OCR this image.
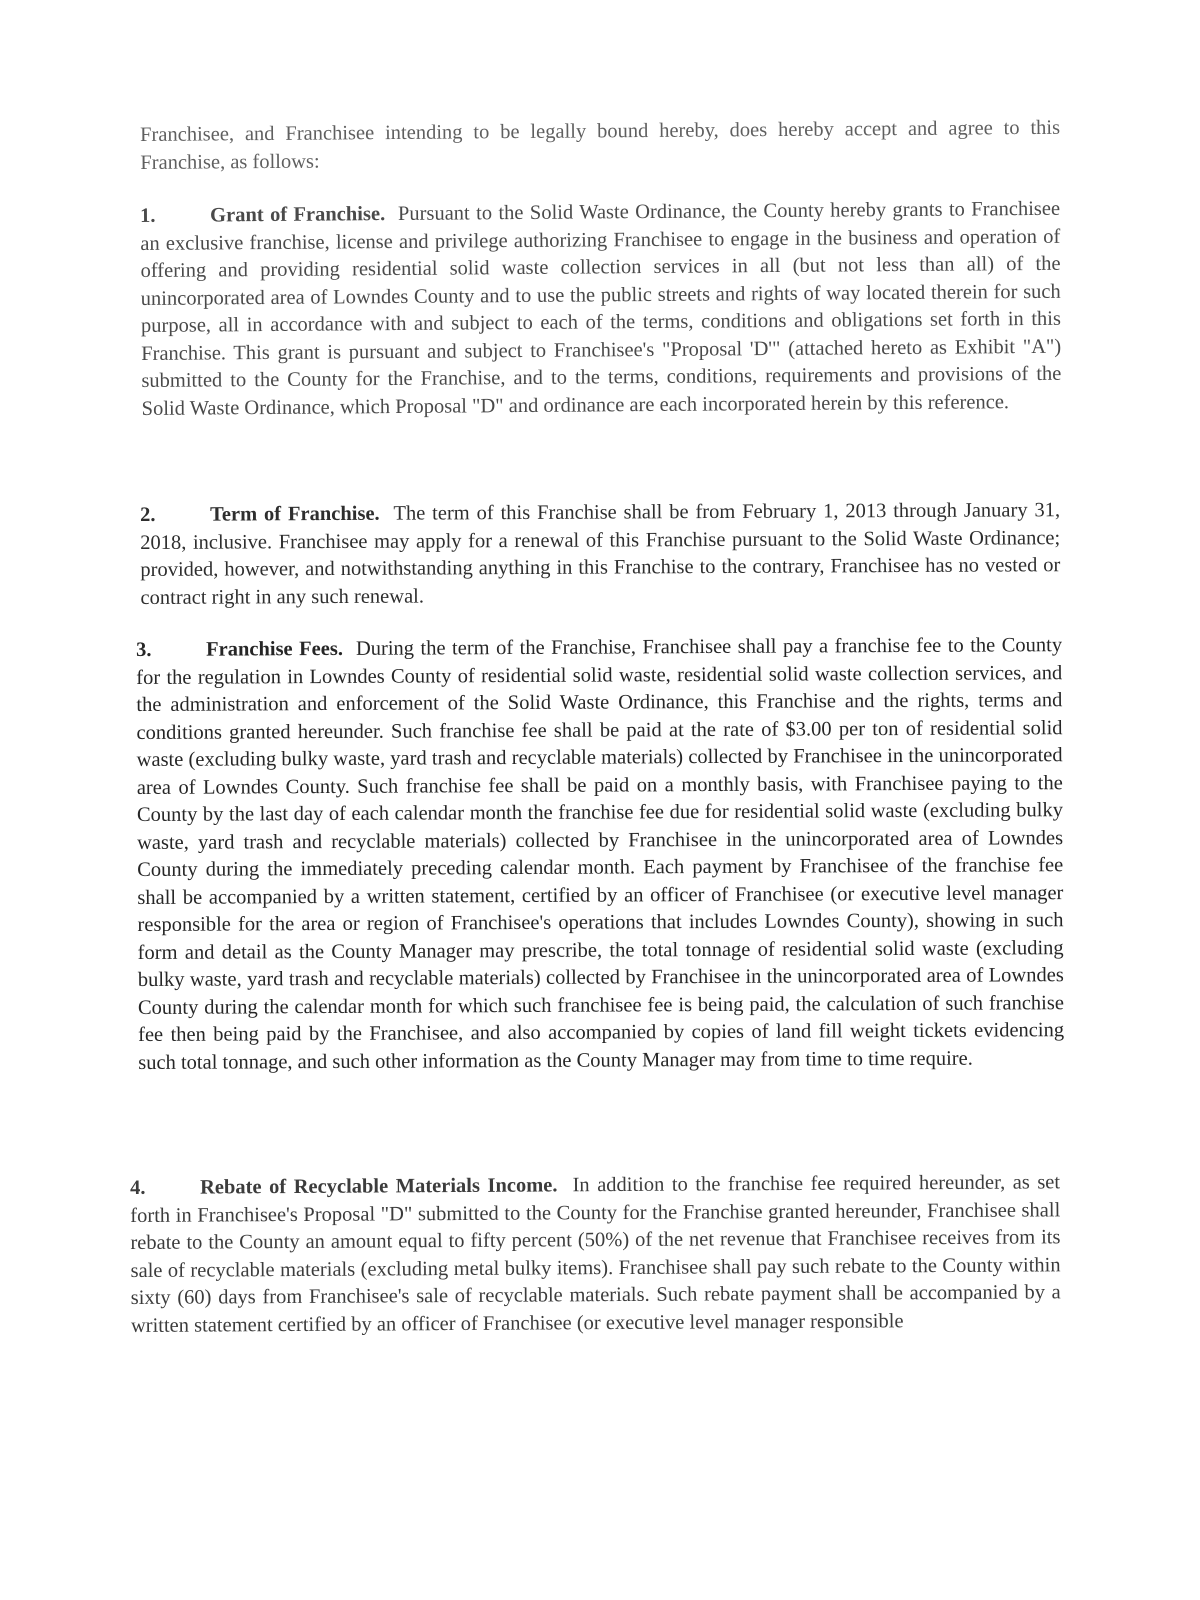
Franchisee, and Franchisee intending to be legally bound hereby, does hereby accept and agree to this Franchise, as follows:

1.	Grant of Franchise. Pursuant to the Solid Waste Ordinance, the County hereby grants to Franchisee an exclusive franchise, license and privilege authorizing Franchisee to engage in the business and operation of offering and providing residential solid waste collection services in all (but not less than all) of the unincorporated area of Lowndes County and to use the public streets and rights of way located therein for such purpose, all in accordance with and subject to each of the terms, conditions and obligations set forth in this Franchise. This grant is pursuant and subject to Franchisee's "Proposal 'D'" (attached hereto as Exhibit "A") submitted to the County for the Franchise, and to the terms, conditions, requirements and provisions of the Solid Waste Ordinance, which Proposal "D" and ordinance are each incorporated herein by this reference.

2.	Term of Franchise. The term of this Franchise shall be from February 1, 2013 through January 31, 2018, inclusive. Franchisee may apply for a renewal of this Franchise pursuant to the Solid Waste Ordinance; provided, however, and notwithstanding anything in this Franchise to the contrary, Franchisee has no vested or contract right in any such renewal.

3.	Franchise Fees. During the term of the Franchise, Franchisee shall pay a franchise fee to the County for the regulation in Lowndes County of residential solid waste, residential solid waste collection services, and the administration and enforcement of the Solid Waste Ordinance, this Franchise and the rights, terms and conditions granted hereunder. Such franchise fee shall be paid at the rate of $3.00 per ton of residential solid waste (excluding bulky waste, yard trash and recyclable materials) collected by Franchisee in the unincorporated area of Lowndes County. Such franchise fee shall be paid on a monthly basis, with Franchisee paying to the County by the last day of each calendar month the franchise fee due for residential solid waste (excluding bulky waste, yard trash and recyclable materials) collected by Franchisee in the unincorporated area of Lowndes County during the immediately preceding calendar month. Each payment by Franchisee of the franchise fee shall be accompanied by a written statement, certified by an officer of Franchisee (or executive level manager responsible for the area or region of Franchisee's operations that includes Lowndes County), showing in such form and detail as the County Manager may prescribe, the total tonnage of residential solid waste (excluding bulky waste, yard trash and recyclable materials) collected by Franchisee in the unincorporated area of Lowndes County during the calendar month for which such franchisee fee is being paid, the calculation of such franchise fee then being paid by the Franchisee, and also accompanied by copies of land fill weight tickets evidencing such total tonnage, and such other information as the County Manager may from time to time require.

4.	Rebate of Recyclable Materials Income. In addition to the franchise fee required hereunder, as set forth in Franchisee's Proposal "D" submitted to the County for the Franchise granted hereunder, Franchisee shall rebate to the County an amount equal to fifty percent (50%) of the net revenue that Franchisee receives from its sale of recyclable materials (excluding metal bulky items). Franchisee shall pay such rebate to the County within sixty (60) days from Franchisee's sale of recyclable materials. Such rebate payment shall be accompanied by a written statement certified by an officer of Franchisee (or executive level manager responsible
